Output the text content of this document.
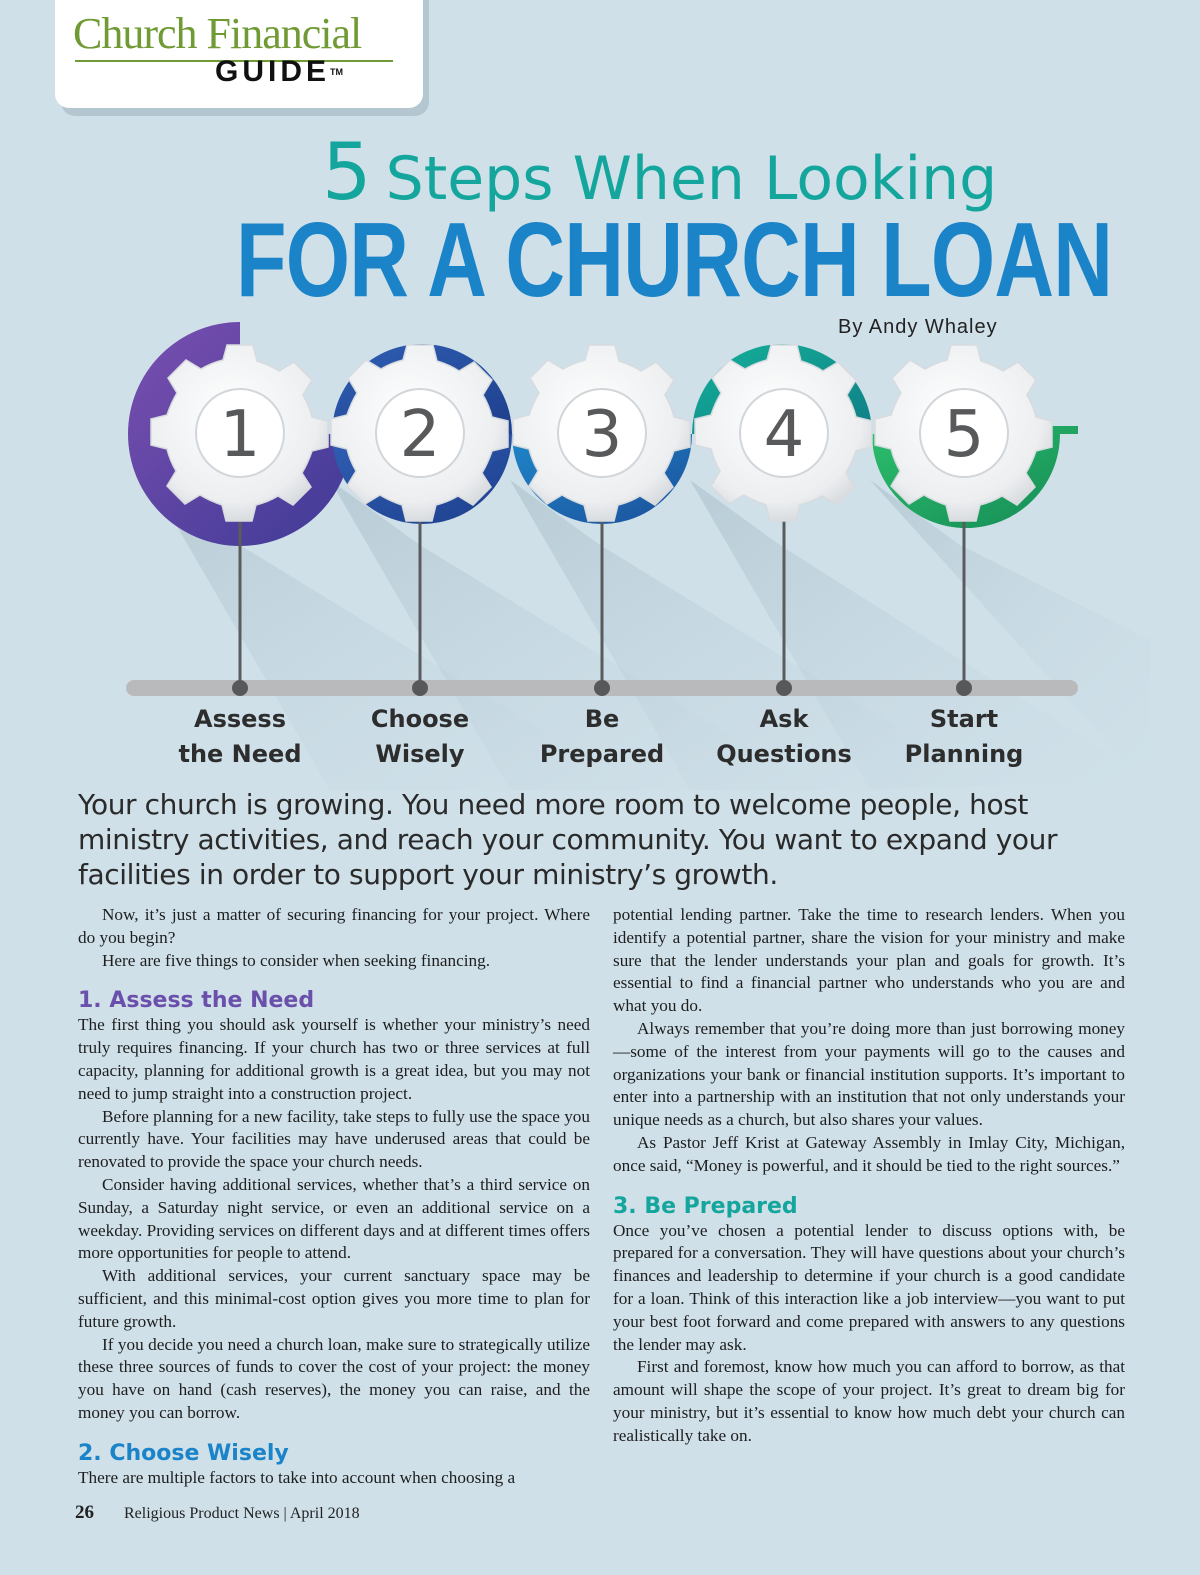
Church Financial
GUIDE™
1 2 3 4 5
5 Steps When Looking
FOR A CHURCH LOAN
By Andy Whaley
Assess
the Need
Choose
Wisely
Be
Prepared
Ask
Questions
Start
Planning
Your church is growing. You need more room to welcome people, host ministry activities, and reach your community. You want to expand your facilities in order to support your ministry’s growth.

Now, it’s just a matter of securing financing for your project. Where do you begin?

Here are five things to consider when seeking financing.

1. Assess the Need

The first thing you should ask yourself is whether your ministry’s need truly requires financing. If your church has two or three services at full capacity, planning for additional growth is a great idea, but you may not need to jump straight into a construction project.

Before planning for a new facility, take steps to fully use the space you currently have. Your facilities may have underused areas that could be renovated to provide the space your church needs.

Consider having additional services, whether that’s a third service on Sunday, a Saturday night service, or even an additional service on a weekday. Providing services on different days and at different times offers more opportunities for people to attend.

With additional services, your current sanctuary space may be sufficient, and this minimal-cost option gives you more time to plan for future growth.

If you decide you need a church loan, make sure to strategically utilize these three sources of funds to cover the cost of your project: the money you have on hand (cash reserves), the money you can raise, and the money you can borrow.

2. Choose Wisely

There are multiple factors to take into account when choosing a

potential lending partner. Take the time to research lenders. When you identify a potential partner, share the vision for your ministry and make sure that the lender understands your plan and goals for growth. It’s essential to find a financial partner who understands who you are and what you do.

Always remember that you’re doing more than just borrowing money—some of the interest from your payments will go to the causes and organizations your bank or financial institution supports. It’s important to enter into a partnership with an institution that not only understands your unique needs as a church, but also shares your values.

As Pastor Jeff Krist at Gateway Assembly in Imlay City, Michigan, once said, “Money is powerful, and it should be tied to the right sources.”

3. Be Prepared

Once you’ve chosen a potential lender to discuss options with, be prepared for a conversation. They will have questions about your church’s finances and leadership to determine if your church is a good candidate for a loan. Think of this interaction like a job interview—you want to put your best foot forward and come prepared with answers to any questions the lender may ask.

First and foremost, know how much you can afford to borrow, as that amount will shape the scope of your project. It’s great to dream big for your ministry, but it’s essential to know how much debt your church can realistically take on.

26 Religious Product News | April 2018
